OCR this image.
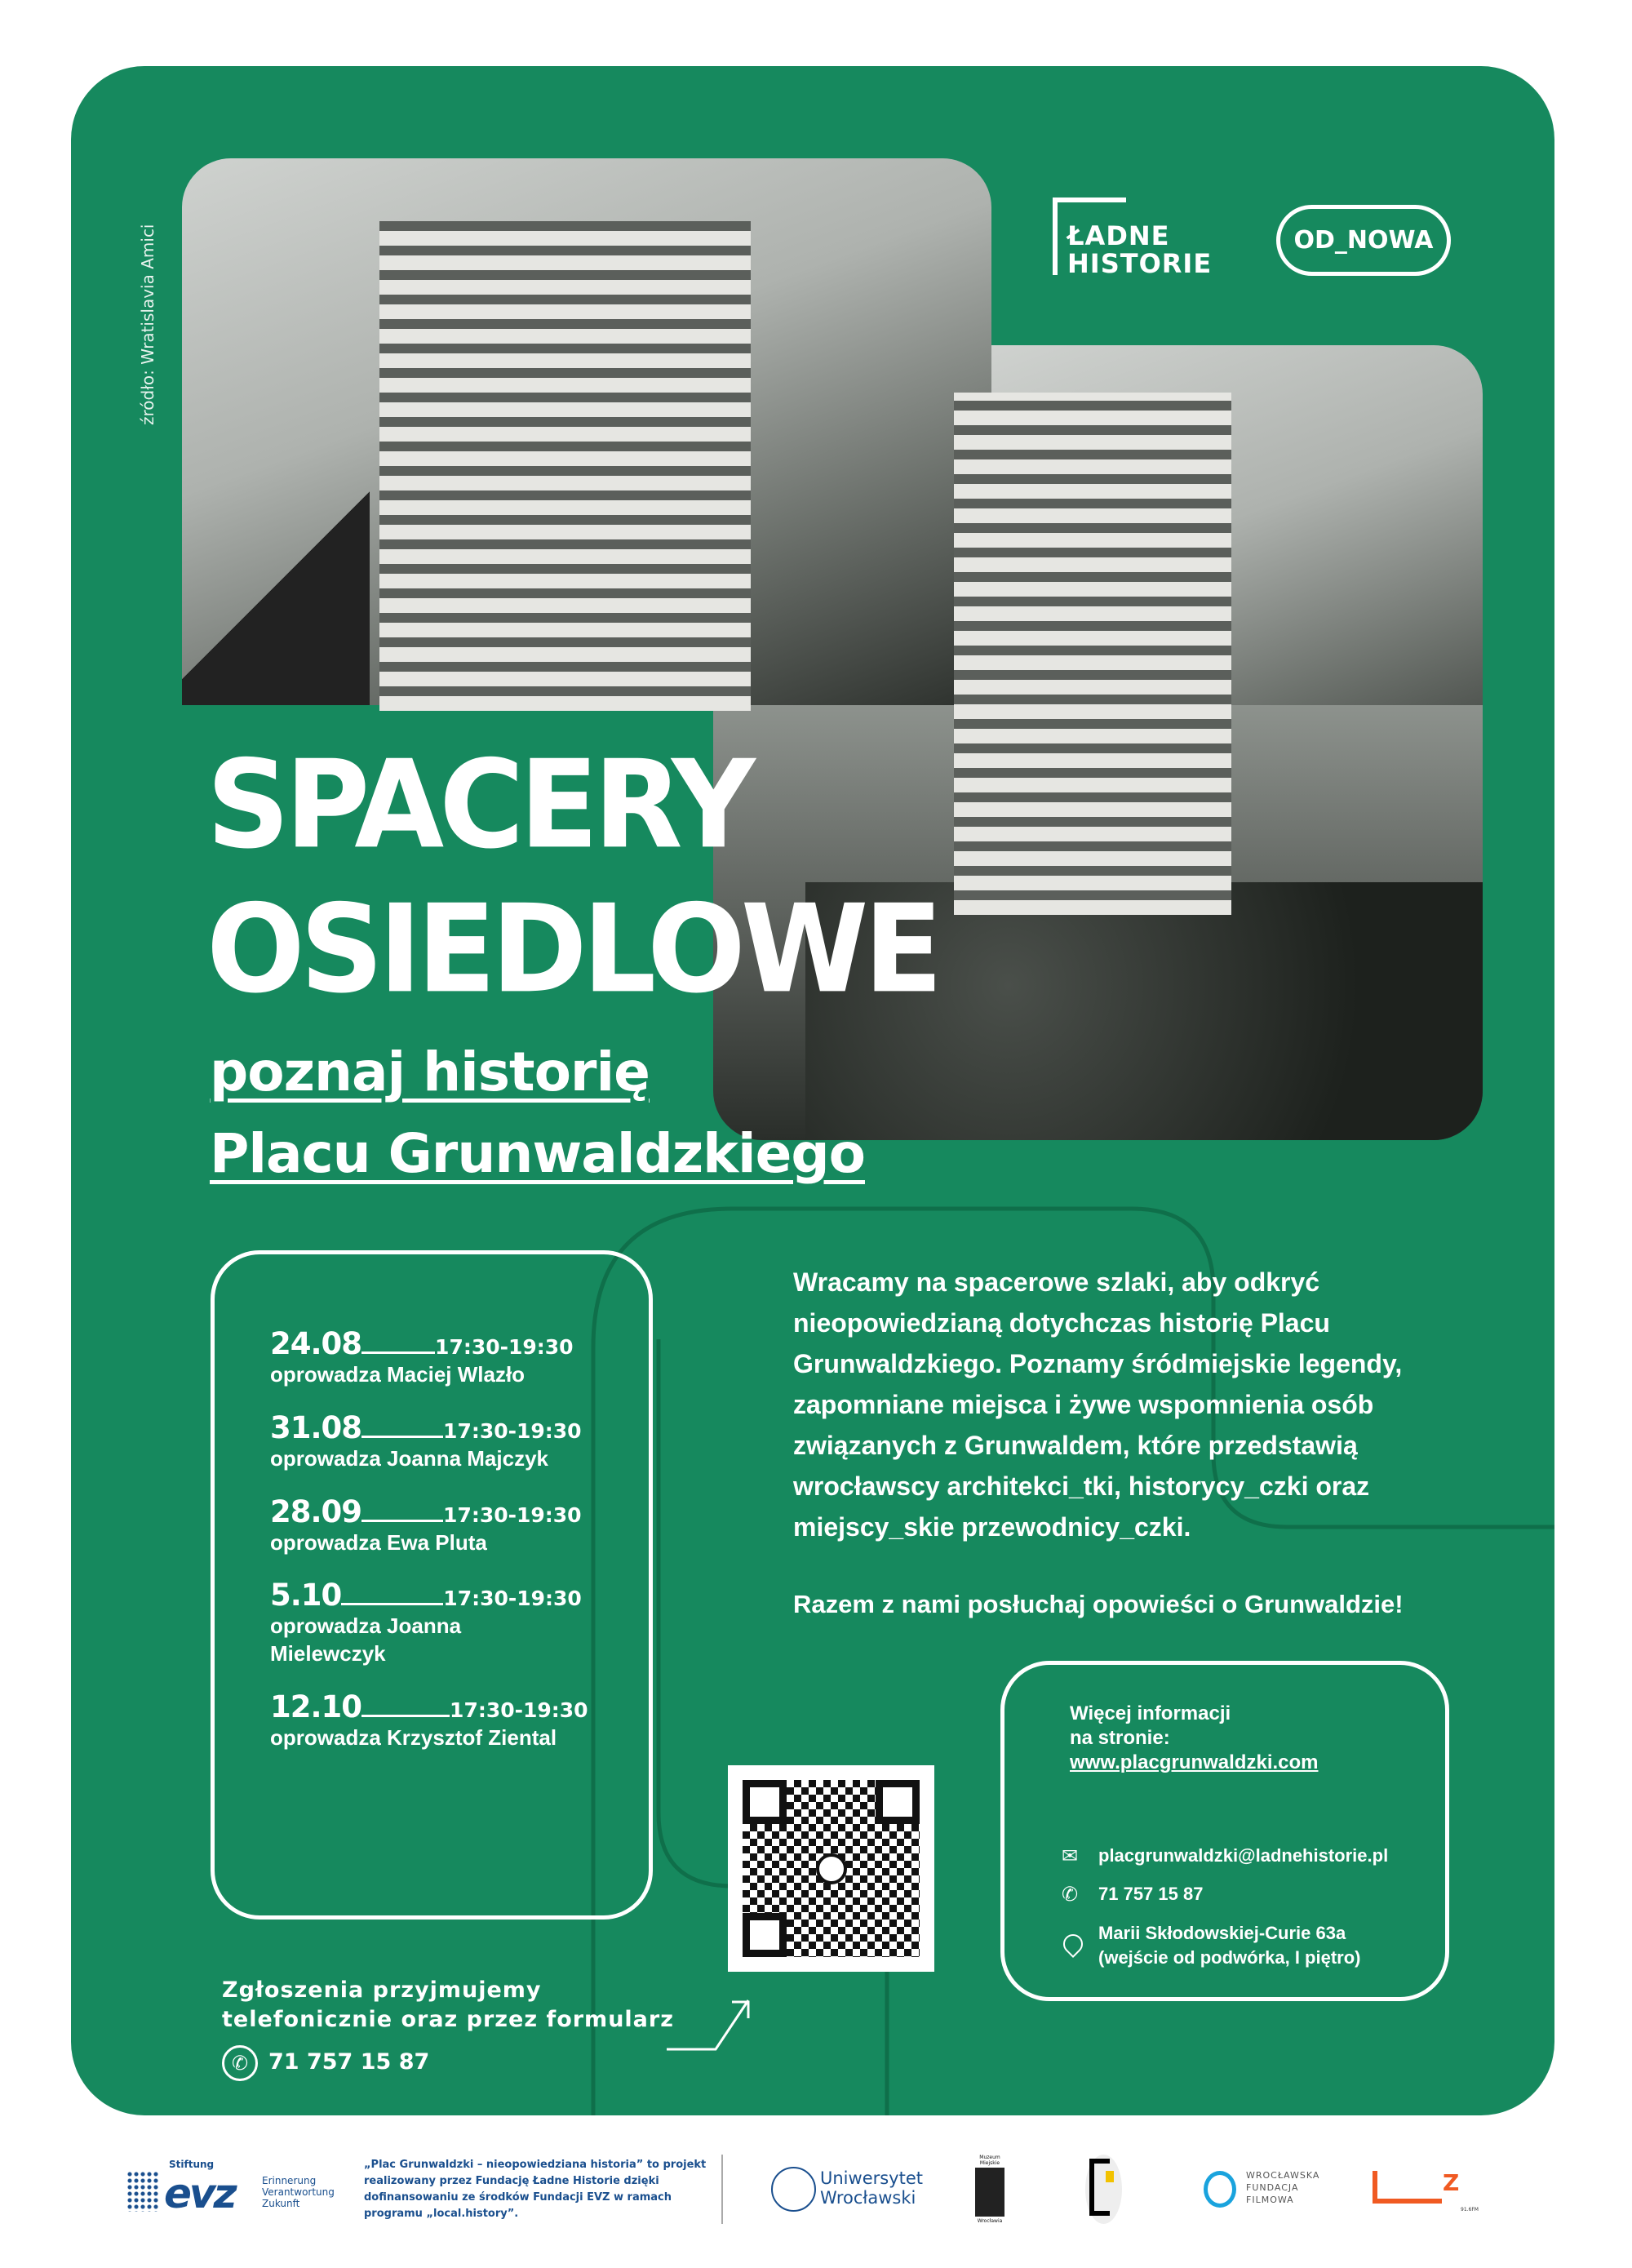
źródło: Wratislavia Amici	ŁADNE
HISTORIE
OD_NOWA
SPACERY
OSIEDLOWE
poznaj historię
Placu Grunwaldzkiego
24.08	17:30-19:30
oprowadza Maciej Wlazło
31.08	17:30-19:30
oprowadza Joanna Majczyk
28.09	17:30-19:30
oprowadza Ewa Pluta
5.10	17:30-19:30
oprowadza Joanna Mielewczyk
12.10	17:30-19:30
oprowadza Krzysztof Ziental
Wracamy na spacerowe szlaki, aby odkryć nieopowiedzianą dotychczas historię Placu Grunwaldzkiego. Poznamy śródmiejskie legendy, zapomniane miejsca i żywe wspomnienia osób związanych z Grunwaldem, które przedstawią wrocławscy architekci_tki, historycy_czki oraz miejscy_skie przewodnicy_czki.
Razem z nami posłuchaj opowieści o Grunwaldzie!
Więcej informacji
na stronie:
www.placgrunwaldzki.com
✉ placgrunwaldzki@ladnehistorie.pl
✆ 71 757 15 87
Marii Skłodowskiej-Curie 63a
(wejście od podwórka, I piętro)
Zgłoszenia przyjmujemy
telefonicznie oraz przez formularz
✆ 71 757 15 87
Stiftung
evz	Erinnerung
Verantwortung
Zukunft
„Plac Grunwaldzki – nieopowiedziana historia” to projekt realizowany przez Fundację Ładne Historie dzięki dofinansowaniu ze środków Fundacji EVZ w ramach programu „local.history”.
Uniwersytet
Wrocławski
Muzeum Miejskie
Wrocławia
WROCŁAWSKA
FUNDACJA
FILMOWA
Z
91.6FM
